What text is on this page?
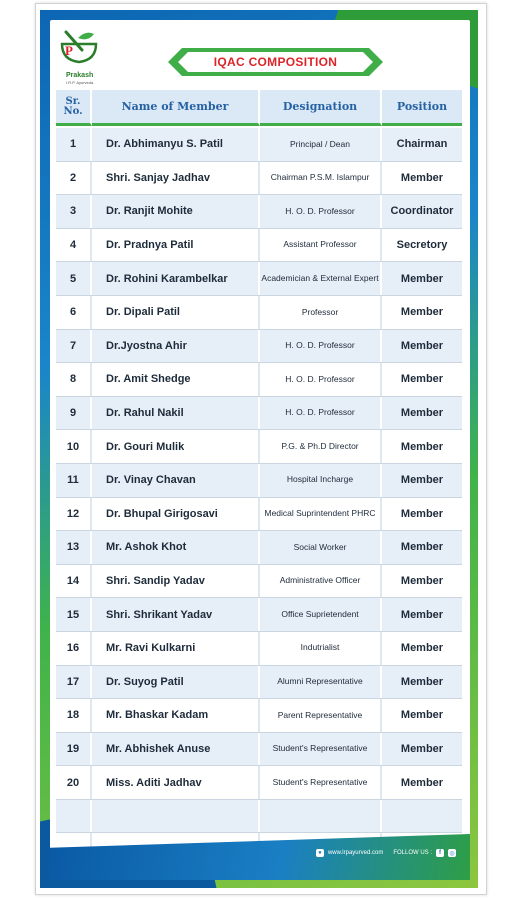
P
Prakash
I.R.P. Ayurveda
IQAC COMPOSITION
Sr. No.	Name of Member	Designation	Position
1	Dr. Abhimanyu S. Patil	Principal / Dean	Chairman
2	Shri. Sanjay Jadhav	Chairman P.S.M. Islampur	Member
3	Dr. Ranjit Mohite	H. O. D. Professor	Coordinator
4	Dr. Pradnya Patil	Assistant Professor	Secretory
5	Dr. Rohini Karambelkar	Academician & External Expert	Member
6	Dr. Dipali Patil	Professor	Member
7	Dr.Jyostna Ahir	H. O. D. Professor	Member
8	Dr. Amit Shedge	H. O. D. Professor	Member
9	Dr. Rahul Nakil	H. O. D. Professor	Member
10	Dr. Gouri Mulik	P.G. & Ph.D Director	Member
11	Dr. Vinay Chavan	Hospital Incharge	Member
12	Dr. Bhupal Girigosavi	Medical Suprintendent PHRC	Member
13	Mr. Ashok Khot	Social Worker	Member
14	Shri. Sandip Yadav	Administrative Officer	Member
15	Shri. Shrikant Yadav	Office Suprietendent	Member
16	Mr. Ravi Kulkarni	Indutrialist	Member
17	Dr. Suyog Patil	Alumni Representative	Member
18	Mr. Bhaskar Kadam	Parent Representative	Member
19	Mr. Abhishek Anuse	Student's Representative	Member
20	Miss. Aditi Jadhav	Student's Representative	Member
●	www.lrpayurved.com FOLLOW US :	f	◎
